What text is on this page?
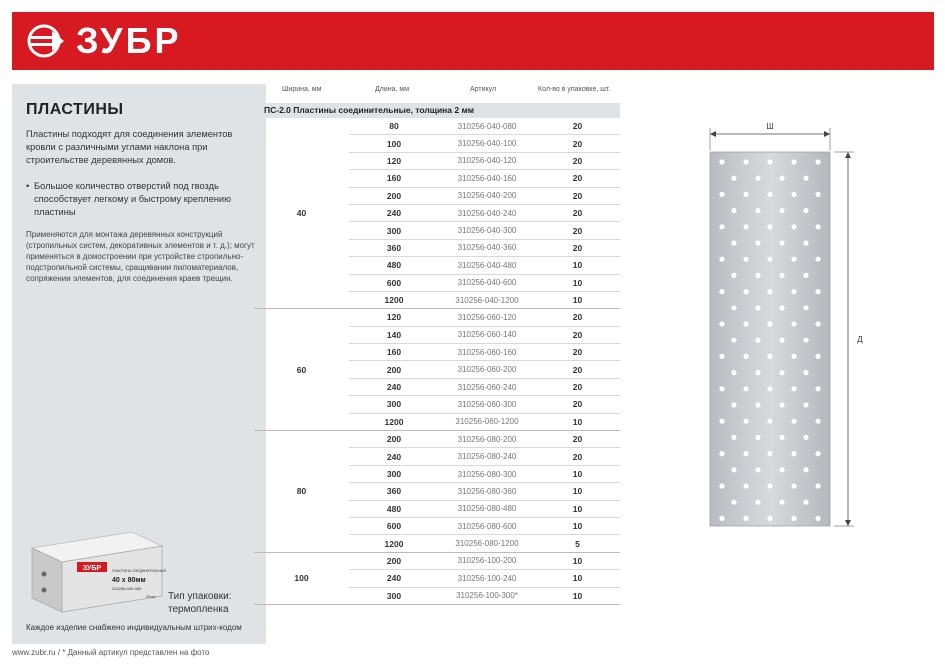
ЗУБР
ПЛАСТИНЫ
Пластины подходят для соединения элементов кровли с различными углами наклона при строительстве деревянных домов.
• Большое количество отверстий под гвоздь способствует легкому и быстрому креплению пластины
Применяются для монтажа деревянных конструкций (стропильных систем, декоративных элементов и т. д.); могут применяться в домостроении при устройстве стропильно-подстропильной системы, сращивании пиломатериалов, сопряжении элементов, для соединения краев трещин.
ЗУБР	ПЛАСТИНА СОЕДИНИТЕЛЬНАЯ
40 x 80мм
310256-040-080
20шт Тип упаковки:
термопленка
Каждое изделие снабжено индивидуальным штрих-кодом
www.zubr.ru / * Данный артикул представлен на фото
Ширина, мм	Длина, мм	Артикул	Кол-во в упаковке, шт.
ПС-2.0 Пластины соединительные, толщина 2 мм
40
80	310256-040-080	20
100	310256-040-100	20
120	310256-040-120	20
160	310256-040-160	20
200	310256-040-200	20
240	310256-040-240	20
300	310256-040-300	20
360	310256-040-360	20
480	310256-040-480	10
600	310256-040-600	10
1200	310256-040-1200	10
60
120	310256-060-120	20
140	310256-060-140	20
160	310256-060-160	20
200	310256-060-200	20
240	310256-060-240	20
300	310256-060-300	20
1200	310256-060-1200	10
80
200	310256-080-200	20
240	310256-080-240	20
300	310256-080-300	10
360	310256-080-360	10
480	310256-080-480	10
600	310256-080-600	10
1200	310256-080-1200	5
100
200	310256-100-200	10
240	310256-100-240	10
300	310256-100-300*	10
Ш
Д
